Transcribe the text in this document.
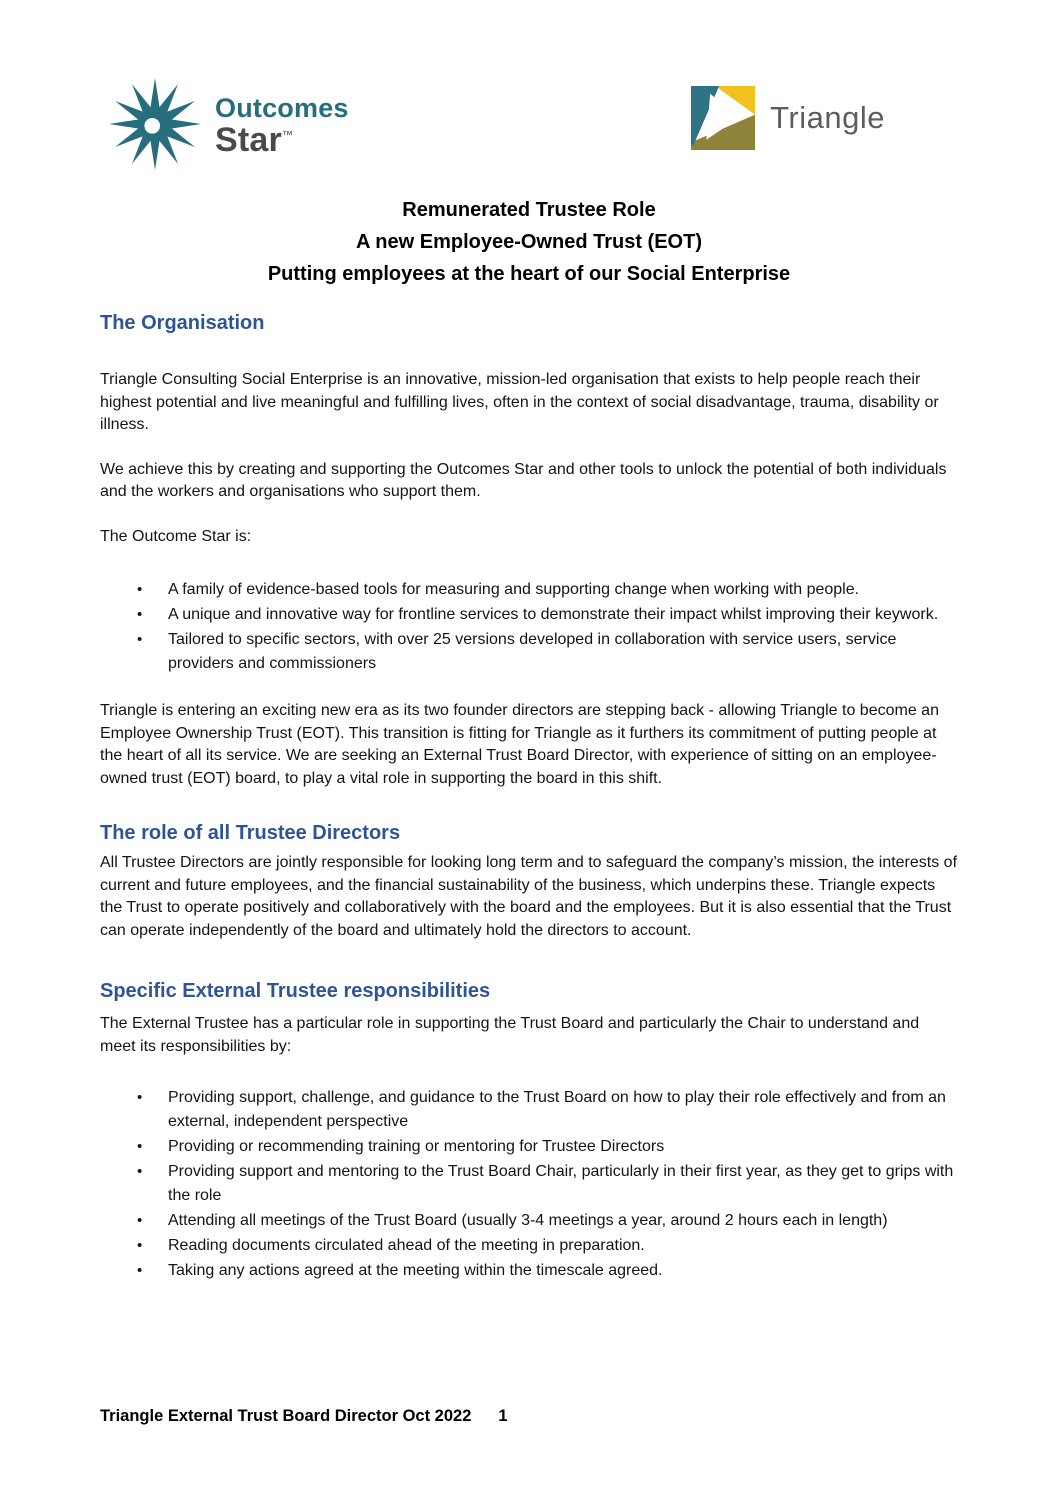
Outcomes
Star™
Triangle
Remunerated Trustee Role
A new Employee-Owned Trust (EOT)
Putting employees at the heart of our Social Enterprise
The Organisation

Triangle Consulting Social Enterprise is an innovative, mission-led organisation that exists to help people reach their highest potential and live meaningful and fulfilling lives, often in the context of social disadvantage, trauma, disability or illness.

We achieve this by creating and supporting the Outcomes Star and other tools to unlock the potential of both individuals and the workers and organisations who support them.

The Outcome Star is:

• A family of evidence-based tools for measuring and supporting change when working with people.
• A unique and innovative way for frontline services to demonstrate their impact whilst improving their keywork.
• Tailored to specific sectors, with over 25 versions developed in collaboration with service users, service providers and commissioners

Triangle is entering an exciting new era as its two founder directors are stepping back - allowing Triangle to become an Employee Ownership Trust (EOT). This transition is fitting for Triangle as it furthers its commitment of putting people at the heart of all its service. We are seeking an External Trust Board Director, with experience of sitting on an employee-owned trust (EOT) board, to play a vital role in supporting the board in this shift.

The role of all Trustee Directors

All Trustee Directors are jointly responsible for looking long term and to safeguard the company’s mission, the interests of current and future employees, and the financial sustainability of the business, which underpins these. Triangle expects the Trust to operate positively and collaboratively with the board and the employees. But it is also essential that the Trust can operate independently of the board and ultimately hold the directors to account.

Specific External Trustee responsibilities

The External Trustee has a particular role in supporting the Trust Board and particularly the Chair to understand and meet its responsibilities by:

• Providing support, challenge, and guidance to the Trust Board on how to play their role effectively and from an external, independent perspective
• Providing or recommending training or mentoring for Trustee Directors
• Providing support and mentoring to the Trust Board Chair, particularly in their first year, as they get to grips with the role
• Attending all meetings of the Trust Board (usually 3-4 meetings a year, around 2 hours each in length)
• Reading documents circulated ahead of the meeting in preparation.
• Taking any actions agreed at the meeting within the timescale agreed.
Triangle External Trust Board Director Oct 2022 1
